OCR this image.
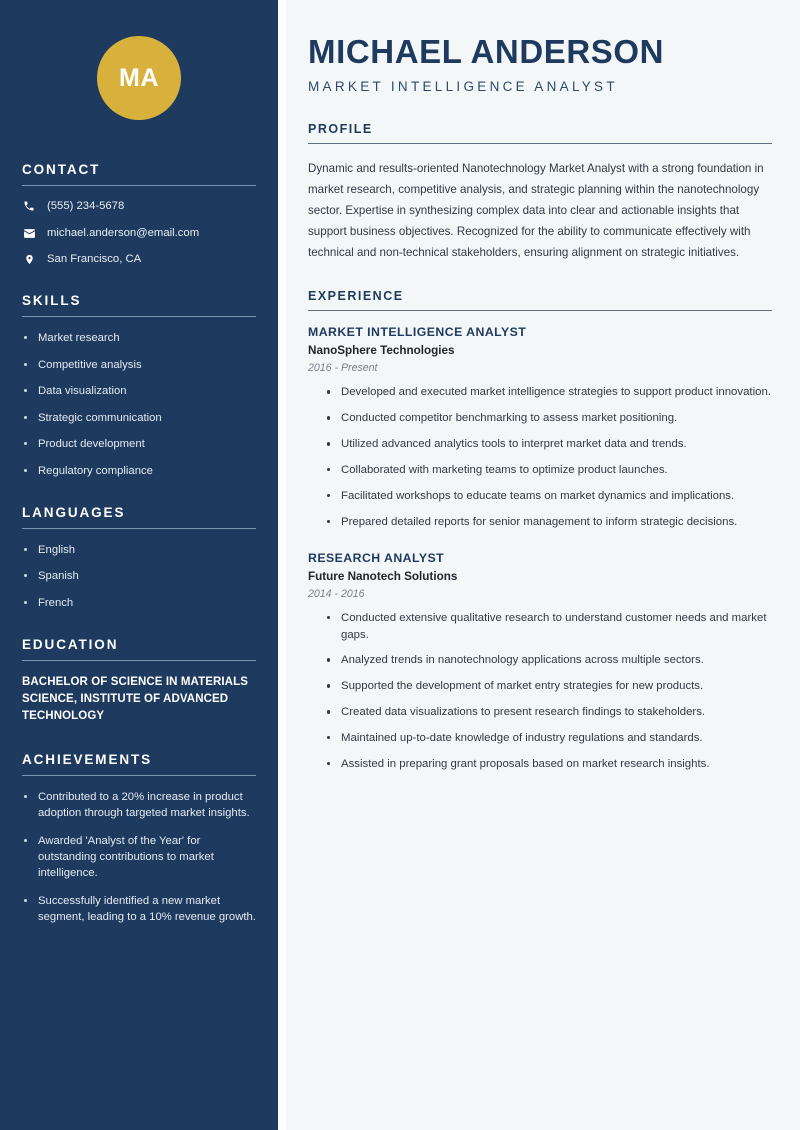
MA
CONTACT
(555) 234-5678
michael.anderson@email.com
San Francisco, CA
SKILLS
Market research
Competitive analysis
Data visualization
Strategic communication
Product development
Regulatory compliance
LANGUAGES
English
Spanish
French
EDUCATION
BACHELOR OF SCIENCE IN MATERIALS SCIENCE, INSTITUTE OF ADVANCED TECHNOLOGY
ACHIEVEMENTS
Contributed to a 20% increase in product adoption through targeted market insights.
Awarded 'Analyst of the Year' for outstanding contributions to market intelligence.
Successfully identified a new market segment, leading to a 10% revenue growth.
MICHAEL ANDERSON
MARKET INTELLIGENCE ANALYST
PROFILE

Dynamic and results-oriented Nanotechnology Market Analyst with a strong foundation in market research, competitive analysis, and strategic planning within the nanotechnology sector. Expertise in synthesizing complex data into clear and actionable insights that support business objectives. Recognized for the ability to communicate effectively with technical and non-technical stakeholders, ensuring alignment on strategic initiatives.

EXPERIENCE
MARKET INTELLIGENCE ANALYST
NanoSphere Technologies
2016 - Present
Developed and executed market intelligence strategies to support product innovation.
Conducted competitor benchmarking to assess market positioning.
Utilized advanced analytics tools to interpret market data and trends.
Collaborated with marketing teams to optimize product launches.
Facilitated workshops to educate teams on market dynamics and implications.
Prepared detailed reports for senior management to inform strategic decisions.
RESEARCH ANALYST
Future Nanotech Solutions
2014 - 2016
Conducted extensive qualitative research to understand customer needs and market gaps.
Analyzed trends in nanotechnology applications across multiple sectors.
Supported the development of market entry strategies for new products.
Created data visualizations to present research findings to stakeholders.
Maintained up-to-date knowledge of industry regulations and standards.
Assisted in preparing grant proposals based on market research insights.
